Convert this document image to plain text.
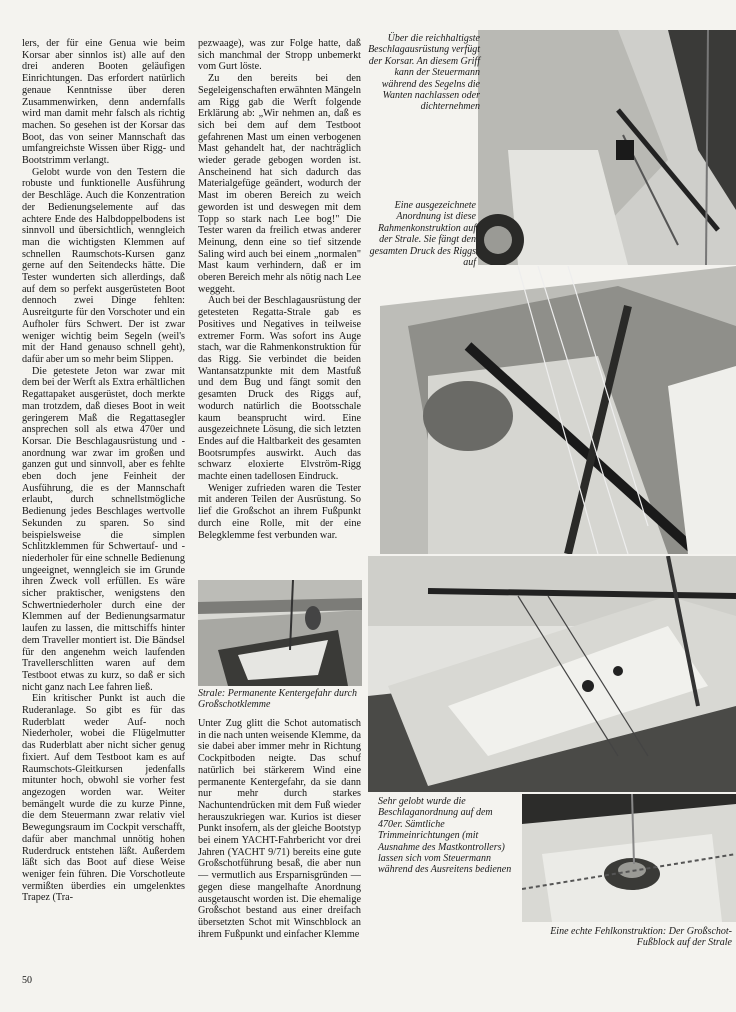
lers, der für eine Genua wie beim Korsar aber sinnlos ist) alle auf den drei anderen Booten geläufigen Einrichtungen. Das erfordert natürlich genaue Kenntnisse über deren Zusammenwirken, denn andernfalls wird man damit mehr falsch als richtig machen. So gesehen ist der Korsar das Boot, das von seiner Mannschaft das umfangreichste Wissen über Rigg- und Bootstrimm verlangt.

Gelobt wurde von den Testern die robuste und funktionelle Ausführung der Beschläge. Auch die Konzentration der Bedienungselemente auf das achtere Ende des Halbdoppelbodens ist sinnvoll und übersichtlich, wenngleich man die wichtigsten Klemmen auf schnellen Raumschots-Kursen ganz gerne auf den Seitendecks hätte. Die Tester wunderten sich allerdings, daß auf dem so perfekt ausgerüsteten Boot dennoch zwei Dinge fehlten: Ausreitgurte für den Vorschoter und ein Aufholer fürs Schwert. Der ist zwar weniger wichtig beim Segeln (weil's mit der Hand genauso schnell geht), dafür aber um so mehr beim Slippen.

Die getestete Jeton war zwar mit dem bei der Werft als Extra erhältlichen Regattapaket ausgerüstet, doch merkte man trotzdem, daß dieses Boot in weit geringerem Maß die Regattasegler ansprechen soll als etwa 470er und Korsar. Die Beschlagausrüstung und -anordnung war zwar im großen und ganzen gut und sinnvoll, aber es fehlte eben doch jene Feinheit der Ausführung, die es der Mannschaft erlaubt, durch schnellstmögliche Bedienung jedes Beschlages wertvolle Sekunden zu sparen. So sind beispielsweise die simplen Schlitzklemmen für Schwertauf- und -niederholer für eine schnelle Bedienung ungeeignet, wenngleich sie im Grunde ihren Zweck voll erfüllen. Es wäre sicher praktischer, wenigstens den Schwertniederholer durch eine der Klemmen auf der Bedienungsarmatur laufen zu lassen, die mittschiffs hinter dem Traveller montiert ist. Die Bändsel für den angenehm weich laufenden Travellerschlitten waren auf dem Testboot etwas zu kurz, so daß er sich nicht ganz nach Lee fahren ließ.

Ein kritischer Punkt ist auch die Ruderanlage. So gibt es für das Ruderblatt weder Auf- noch Niederholer, wobei die Flügelmutter das Ruderblatt aber nicht sicher genug fixiert. Auf dem Testboot kam es auf Raumschots-Gleitkursen jedenfalls mitunter hoch, obwohl sie vorher fest angezogen worden war. Weiter bemängelt wurde die zu kurze Pinne, die dem Steuermann zwar relativ viel Bewegungsraum im Cockpit verschafft, dafür aber manchmal unnötig hohen Ruderdruck entstehen läßt. Außerdem läßt sich das Boot auf diese Weise weniger fein führen. Die Vorschotleute vermißten überdies ein umgelenktes Trapez (Tra-

pezwaage), was zur Folge hatte, daß sich manchmal der Stropp unbemerkt vom Gurt löste.

Zu den bereits bei den Segeleigenschaften erwähnten Mängeln am Rigg gab die Werft folgende Erklärung ab: „Wir nehmen an, daß es sich bei dem auf dem Testboot gefahrenen Mast um einen verbogenen Mast gehandelt hat, der nachträglich wieder gerade gebogen worden ist. Anscheinend hat sich dadurch das Materialgefüge geändert, wodurch der Mast im oberen Bereich zu weich geworden ist und deswegen mit dem Topp so stark nach Lee bog!" Die Tester waren da freilich etwas anderer Meinung, denn eine so tief sitzende Saling wird auch bei einem „normalen" Mast kaum verhindern, daß er im oberen Bereich mehr als nötig nach Lee weggeht.

Auch bei der Beschlagausrüstung der getesteten Regatta-Strale gab es Positives und Negatives in teilweise extremer Form. Was sofort ins Auge stach, war die Rahmenkonstruktion für das Rigg. Sie verbindet die beiden Wantansatzpunkte mit dem Mastfuß und dem Bug und fängt somit den gesamten Druck des Riggs auf, wodurch natürlich die Bootsschale kaum beansprucht wird. Eine ausgezeichnete Lösung, die sich letzten Endes auf die Haltbarkeit des gesamten Bootsrumpfes auswirkt. Auch das schwarz eloxierte Elvström-Rigg machte einen tadellosen Eindruck.

Weniger zufrieden waren die Tester mit anderen Teilen der Ausrüstung. So lief die Großschot an ihrem Fußpunkt durch eine Rolle, mit der eine Belegklemme fest verbunden war.

Unter Zug glitt die Schot automatisch in die nach unten weisende Klemme, da sie dabei aber immer mehr in Richtung Cockpitboden neigte. Das schuf natürlich bei stärkerem Wind eine permanente Kentergefahr, da sie dann nur mehr durch starkes Nachuntendrücken mit dem Fuß wieder herauszukriegen war. Kurios ist dieser Punkt insofern, als der gleiche Bootstyp bei einem YACHT-Fahrbericht vor drei Jahren (YACHT 9/71) bereits eine gute Großschotführung besaß, die aber nun — vermutlich aus Ersparnisgründen — gegen diese mangelhafte Anordnung ausgetauscht worden ist. Die ehemalige Großschot bestand aus einer dreifach übersetzten Schot mit Winschblock an ihrem Fußpunkt und einfacher Klemme

Über die reichhaltigste Beschlagausrüstung verfügt der Korsar. An diesem Griff kann der Steuermann während des Segelns die Wanten nachlassen oder dichternehmen
Eine ausgezeichnete Anordnung ist diese Rahmenkonstruktion auf der Strale. Sie fängt den gesamten Druck des Riggs auf
Strale: Permanente Kentergefahr durch Großschotklemme
Sehr gelobt wurde die Beschlaganordnung auf dem 470er. Sämtliche Trimmeinrichtungen (mit Ausnahme des Mastkontrollers) lassen sich vom Steuermann während des Ausreitens bedienen
Eine echte Fehlkonstruktion: Der Großschot-Fußblock auf der Strale
50
